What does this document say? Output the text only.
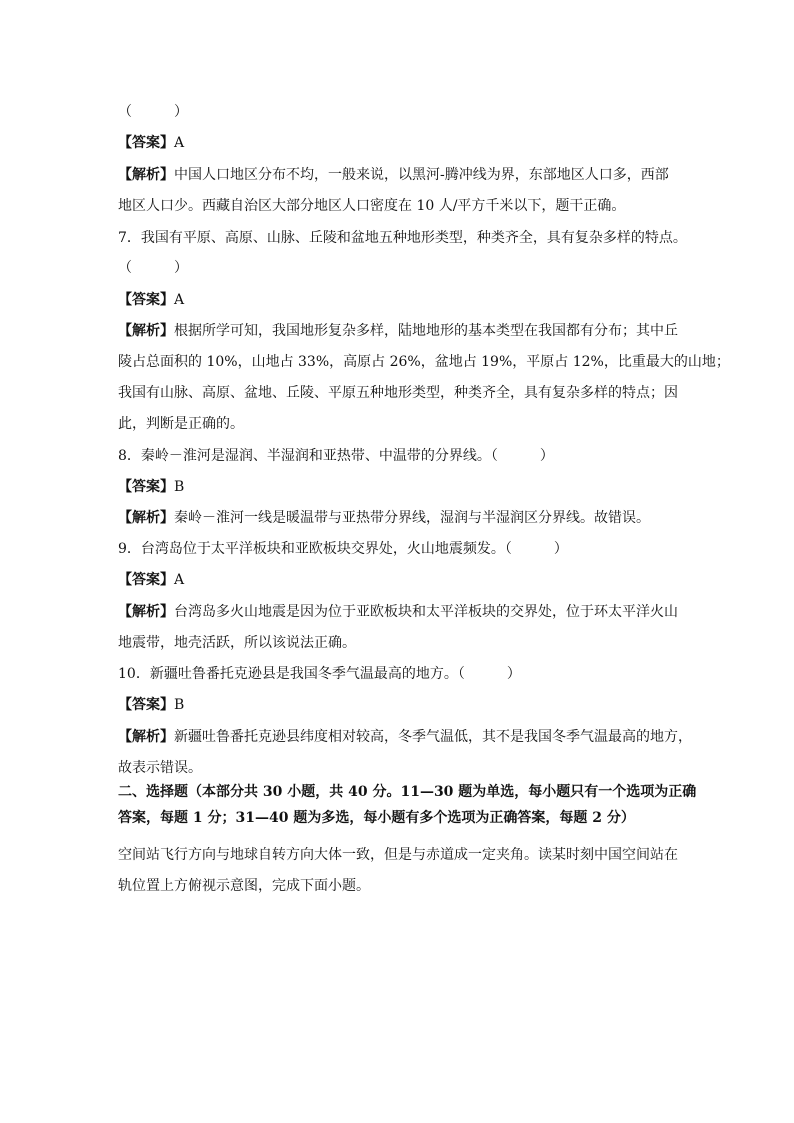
（　　　）
【答案】A
【解析】中国人口地区分布不均，一般来说，以黑河-腾冲线为界，东部地区人口多，西部
地区人口少。西藏自治区大部分地区人口密度在 10 人/平方千米以下，题干正确。
7．我国有平原、高原、山脉、丘陵和盆地五种地形类型，种类齐全，具有复杂多样的特点。
（　　　）
【答案】A
【解析】根据所学可知，我国地形复杂多样，陆地地形的基本类型在我国都有分布；其中丘
陵占总面积的 10%，山地占 33%，高原占 26%，盆地占 19%，平原占 12%，比重最大的山地；
我国有山脉、高原、盆地、丘陵、平原五种地形类型，种类齐全，具有复杂多样的特点；因
此，判断是正确的。
8．秦岭－淮河是湿润、半湿润和亚热带、中温带的分界线。（　　　）
【答案】B
【解析】秦岭－淮河一线是暖温带与亚热带分界线，湿润与半湿润区分界线。故错误。
9．台湾岛位于太平洋板块和亚欧板块交界处，火山地震频发。（　　　）
【答案】A
【解析】台湾岛多火山地震是因为位于亚欧板块和太平洋板块的交界处，位于环太平洋火山
地震带，地壳活跃，所以该说法正确。
10．新疆吐鲁番托克逊县是我国冬季气温最高的地方。（　　　）
【答案】B
【解析】新疆吐鲁番托克逊县纬度相对较高，冬季气温低，其不是我国冬季气温最高的地方，
故表示错误。
二、选择题（本部分共 30 小题，共 40 分。11—30 题为单选，每小题只有一个选项为正确
答案，每题 1 分；31—40 题为多选，每小题有多个选项为正确答案，每题 2 分）
空间站飞行方向与地球自转方向大体一致，但是与赤道成一定夹角。读某时刻中国空间站在
轨位置上方俯视示意图，完成下面小题。
